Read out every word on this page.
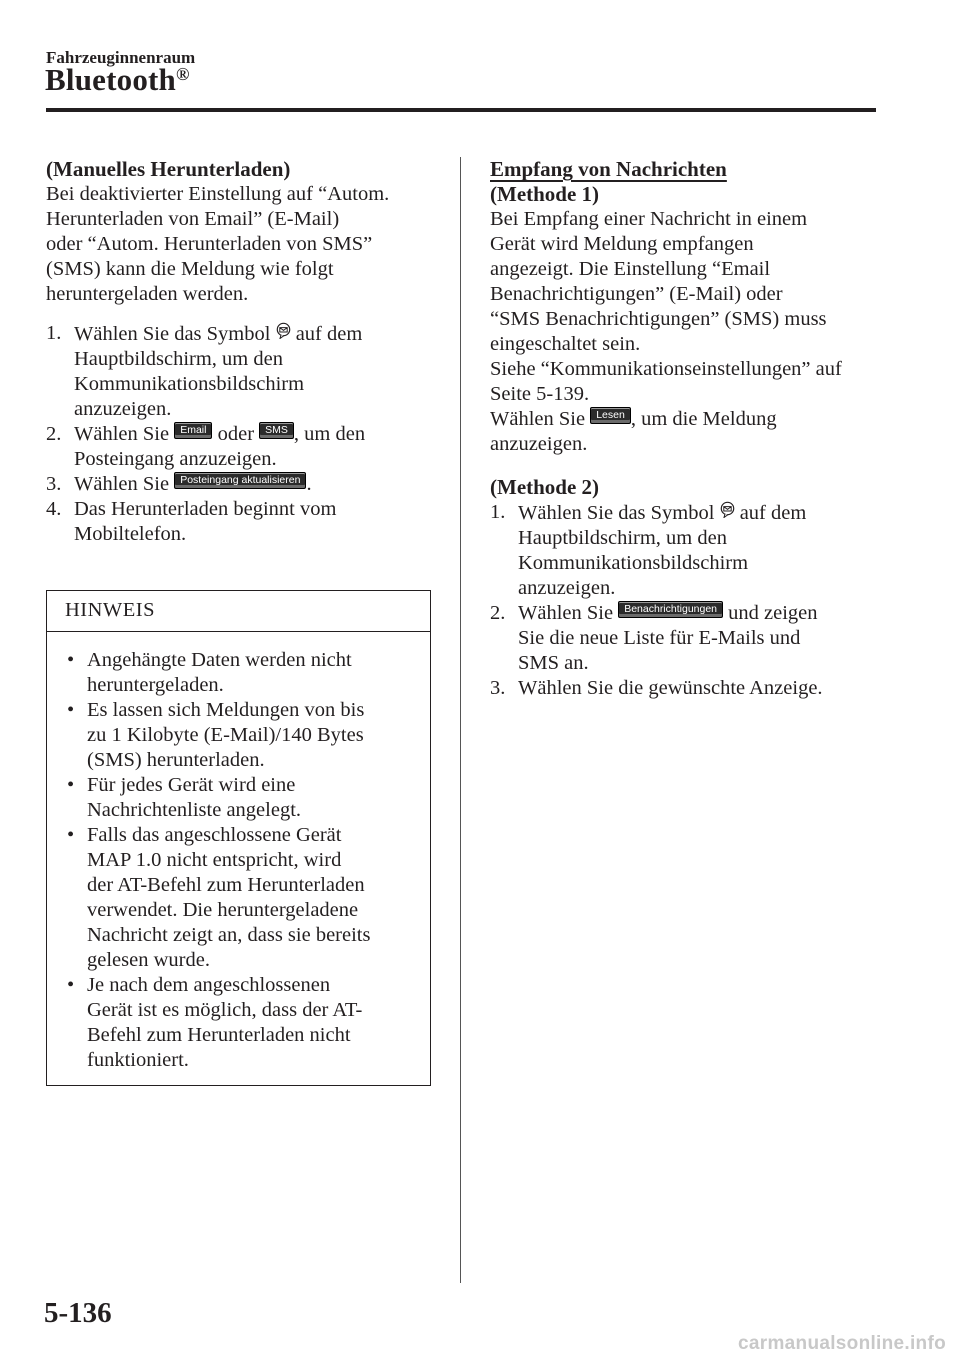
Fahrzeuginnenraum
Bluetooth®

(Manuelles Herunterladen)

Bei deaktivierter Einstellung auf “Autom.
Herunterladen von Email” (E-Mail)
oder “Autom. Herunterladen von SMS”
(SMS) kann die Meldung wie folgt
heruntergeladen werden.

1. Wählen Sie das Symbol auf dem
Hauptbildschirm, um den
Kommunikationsbildschirm
anzuzeigen.
2. Wählen Sie Email oder SMS , um den
Posteingang anzuzeigen.
3. Wählen Sie Posteingang aktualisieren .
4. Das Herunterladen beginnt vom
Mobiltelefon.
HINWEIS
• Angehängte Daten werden nicht
heruntergeladen.
• Es lassen sich Meldungen von bis
zu 1 Kilobyte (E-Mail)/140 Bytes
(SMS) herunterladen.
• Für jedes Gerät wird eine
Nachrichtenliste angelegt.
• Falls das angeschlossene Gerät
MAP 1.0 nicht entspricht, wird
der AT-Befehl zum Herunterladen
verwendet. Die heruntergeladene
Nachricht zeigt an, dass sie bereits
gelesen wurde.
• Je nach dem angeschlossenen
Gerät ist es möglich, dass der AT-
Befehl zum Herunterladen nicht
funktioniert.

Empfang von Nachrichten

(Methode 1)

Bei Empfang einer Nachricht in einem
Gerät wird Meldung empfangen
angezeigt. Die Einstellung “Email
Benachrichtigungen” (E-Mail) oder
“SMS Benachrichtigungen” (SMS) muss
eingeschaltet sein.
Siehe “Kommunikationseinstellungen” auf
Seite 5-139.
Wählen Sie Lesen , um die Meldung
anzuzeigen.

(Methode 2)

1. Wählen Sie das Symbol auf dem
Hauptbildschirm, um den
Kommunikationsbildschirm
anzuzeigen.
2. Wählen Sie Benachrichtigungen und zeigen
Sie die neue Liste für E-Mails und
SMS an.
3. Wählen Sie die gewünschte Anzeige.
5-136
carmanualsonline.info
